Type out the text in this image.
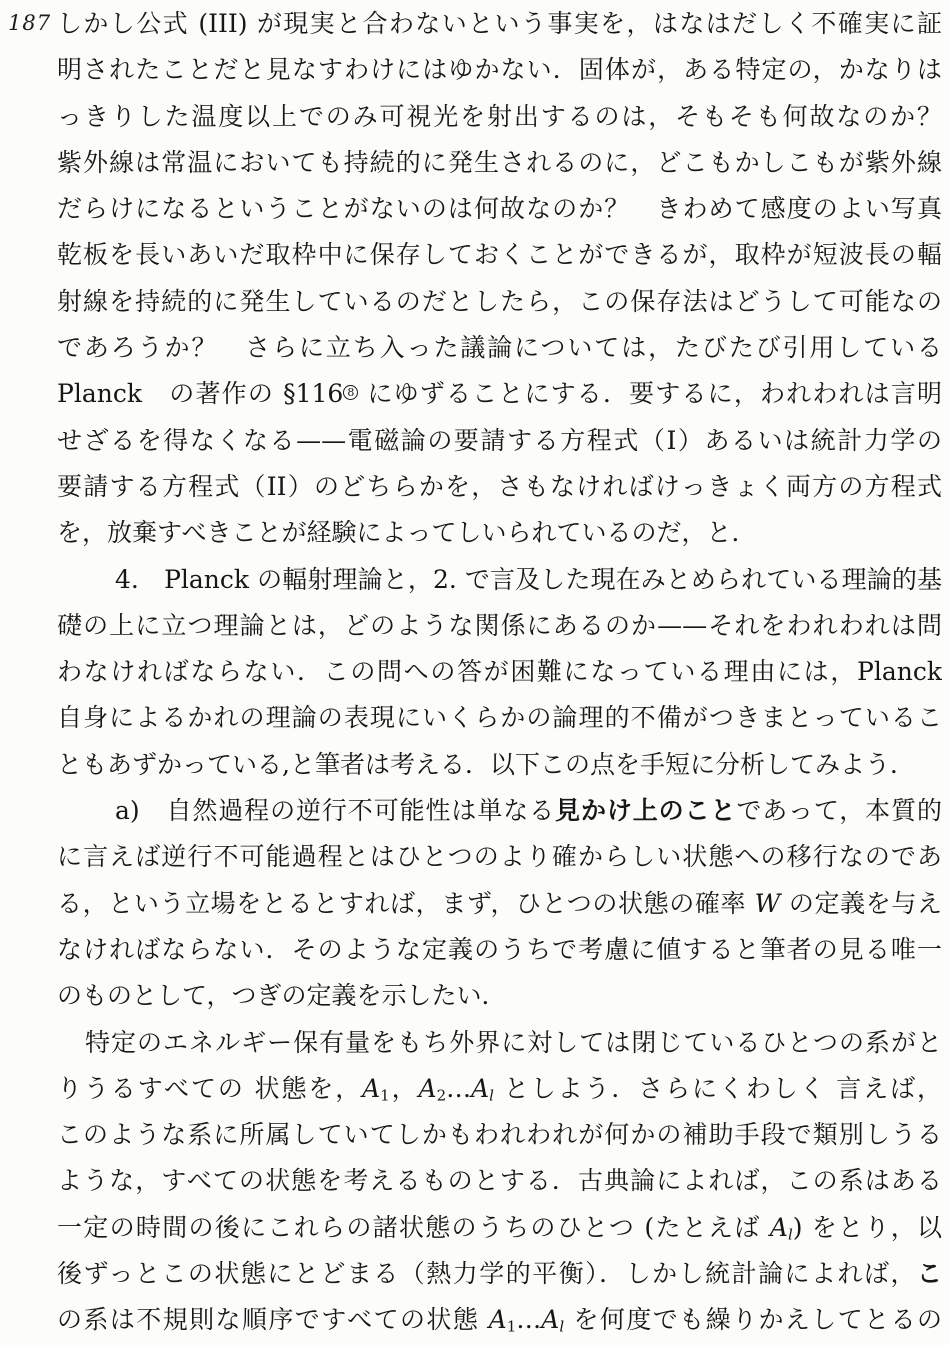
187 しかし公式 (III) が現実と合わないという事実を，はなはだしく不確実に証
明されたことだと見なすわけにはゆかない．固体が，ある特定の，かなりは
っきりした温度以上でのみ可視光を射出するのは，そもそも何故なのか？
紫外線は常温においても持続的に発生されるのに，どこもかしこもが紫外線
だらけになるということがないのは何故なのか？　きわめて感度のよい写真
乾板を長いあいだ取枠中に保存しておくことができるが，取枠が短波長の輻
射線を持続的に発生しているのだとしたら，この保存法はどうして可能なの
であろうか？　さらに立ち入った議論については，たびたび引用している
Planck　の著作の §116 8 にゆずることにする．要するに，われわれは言明
せざるを得なくなる——電磁論の要請する方程式（I）あるいは統計力学の
要請する方程式（II）のどちらかを，さもなければけっきょく両方の方程式
を，放棄すべきことが経験によってしいられているのだ，と．
4.　Planck の輻射理論と，2. で言及した現在みとめられている理論的基
礎の上に立つ理論とは，どのような関係にあるのか——それをわれわれは問
わなければならない．この問への答が困難になっている理由には，Planck
自身によるかれの理論の表現にいくらかの論理的不備がつきまとっているこ
ともあずかっている,と筆者は考える．以下この点を手短に分析してみよう．
a)　自然過程の逆行不可能性は単なる見かけ上のことであって，本質的
に言えば逆行不可能過程とはひとつのより確からしい状態への移行なのであ
る，という立場をとるとすれば，まず，ひとつの状態の確率 W の定義を与え
なければならない．そのような定義のうちで考慮に値すると筆者の見る唯一
のものとして，つぎの定義を示したい．
特定のエネルギー保有量をもち外界に対しては閉じているひとつの系がと
りうるすべての 状態を，A1，A2…Al としよう．さらにくわしく 言えば，
このような系に所属していてしかもわれわれが何かの補助手段で類別しうる
ような，すべての状態を考えるものとする．古典論によれば，この系はある
一定の時間の後にこれらの諸状態のうちのひとつ (たとえば Al) をとり，以
後ずっとこの状態にとどまる（熱力学的平衡）．しかし統計論によれば，こ
の系は不規則な順序ですべての状態 A1…Al を何度でも繰りかえしてとるの
